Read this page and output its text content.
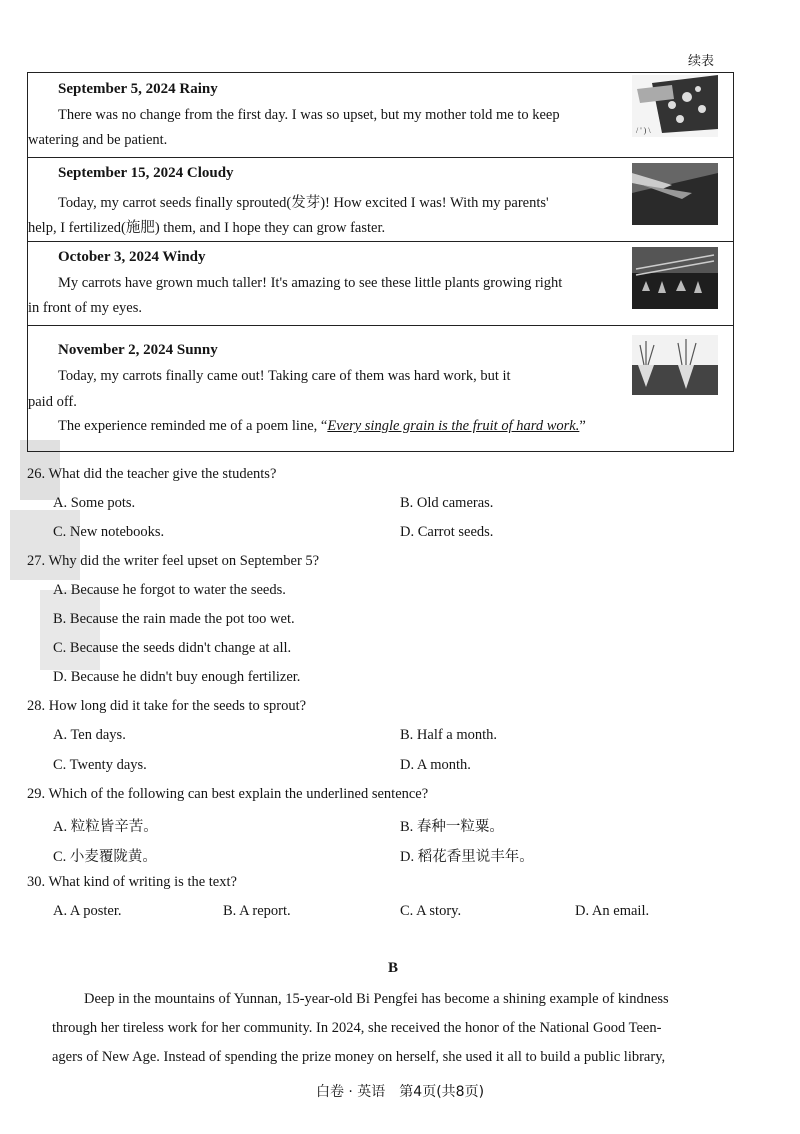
续表
September 5, 2024 Rainy
There was no change from the first day. I was so upset, but my mother told me to keep
watering and be patient.
/ ' ) \
September 15, 2024 Cloudy
Today, my carrot seeds finally sprouted(发芽)! How excited I was! With my parents'
help, I fertilized(施肥) them, and I hope they can grow faster.
October 3, 2024 Windy
My carrots have grown much taller! It's amazing to see these little plants growing right
in front of my eyes.
November 2, 2024 Sunny
Today, my carrots finally came out! Taking care of them was hard work, but it
paid off.
The experience reminded me of a poem line, “Every single grain is the fruit of hard work.”
26. What did the teacher give the students?
A. Some pots.	B. Old cameras.
C. New notebooks.	D. Carrot seeds.
27. Why did the writer feel upset on September 5?
A. Because he forgot to water the seeds.
B. Because the rain made the pot too wet.
C. Because the seeds didn't change at all.
D. Because he didn't buy enough fertilizer.
28. How long did it take for the seeds to sprout?
A. Ten days.	B. Half a month.
C. Twenty days.	D. A month.
29. Which of the following can best explain the underlined sentence?
A. 粒粒皆辛苦。	B. 春种一粒粟。
C. 小麦覆陇黄。	D. 稻花香里说丰年。
30. What kind of writing is the text?
A. A poster.	B. A report.	C. A story.	D. An email.
B
Deep in the mountains of Yunnan, 15-year-old Bi Pengfei has become a shining example of kindness
through her tireless work for her community. In 2024, she received the honor of the National Good Teen-
agers of New Age. Instead of spending the prize money on herself, she used it all to build a public library,
白卷 · 英语　第4页(共8页)
